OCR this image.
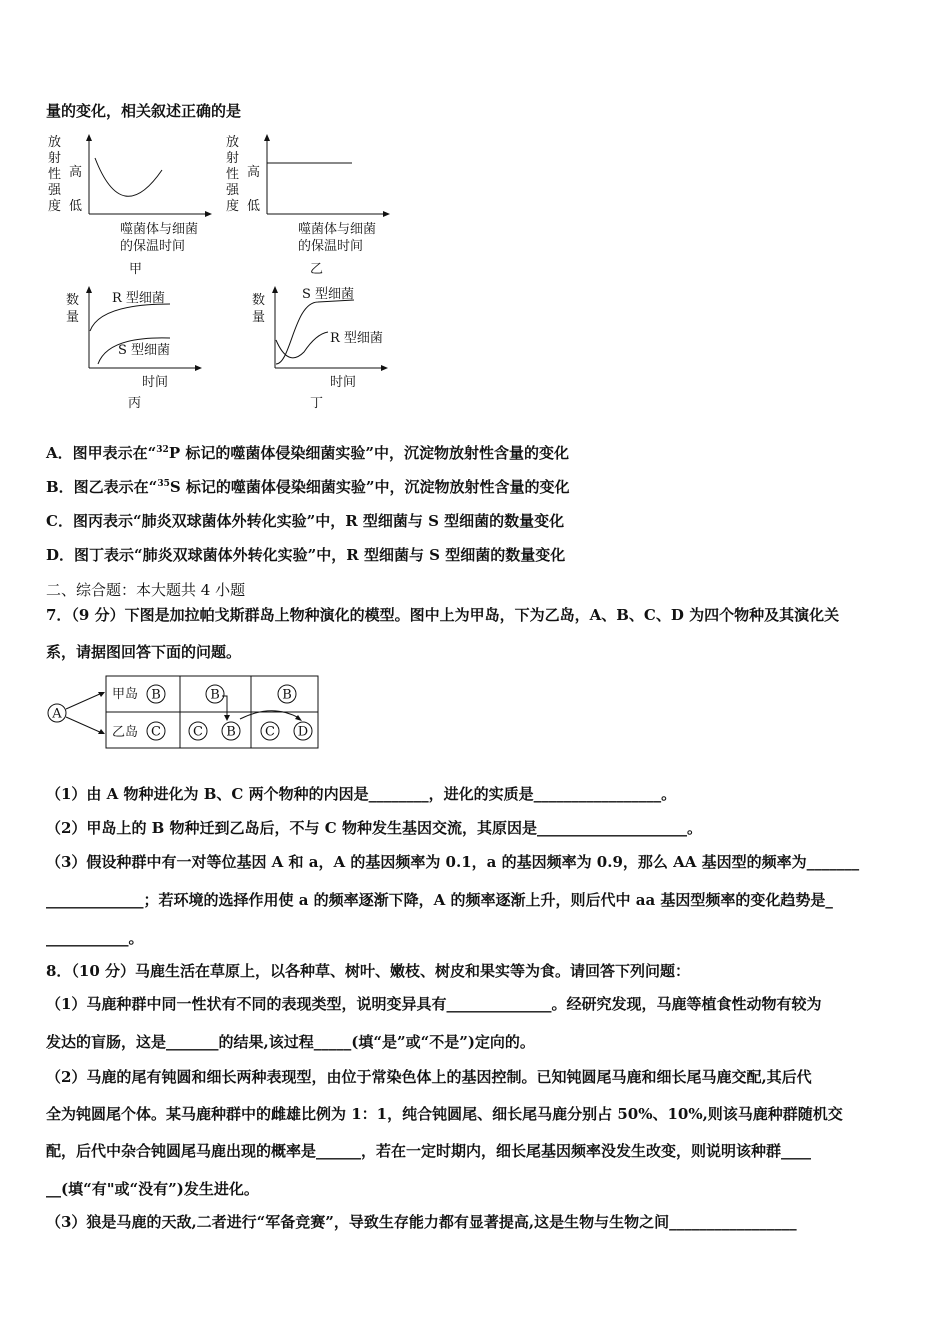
量的变化，相关叙述正确的是
放
射
性
强
度
高
低
噬菌体与细菌
的保温时间
甲
放
射
性
强
度
高
低
噬菌体与细菌
的保温时间
乙
数
量
R 型细菌
S 型细菌
时间
丙
数
量
S 型细菌
R 型细菌
时间
丁
A．图甲表示在“$^{32}$P 标记的噬菌体侵染细菌实验”中，沉淀物放射性含量的变化
B．图乙表示在“$^{35}$S 标记的噬菌体侵染细菌实验”中，沉淀物放射性含量的变化
C．图丙表示“肺炎双球菌体外转化实验”中，R 型细菌与 S 型细菌的数量变化
D．图丁表示“肺炎双球菌体外转化实验”中，R 型细菌与 S 型细菌的数量变化
二、综合题：本大题共 4 小题
7．（9 分）下图是加拉帕戈斯群岛上物种演化的模型。图中上为甲岛，下为乙岛，A、B、C、D 为四个物种及其演化关
系，请据图回答下面的问题。
A
甲岛 B	B	B
乙岛 C C B C D
（1）由 A 物种进化为 B、C 两个物种的内因是________，进化的实质是_________________。
（2）甲岛上的 B 物种迁到乙岛后，不与 C 物种发生基因交流，其原因是____________________。
（3）假设种群中有一对等位基因 A 和 a，A 的基因频率为 0.1，a 的基因频率为 0.9，那么 AA 基因型的频率为_______
_____________；若环境的选择作用使 a 的频率逐渐下降，A 的频率逐渐上升，则后代中 aa 基因型频率的变化趋势是_
___________。
8．（10 分）马鹿生活在草原上，以各种草、树叶、嫩枝、树皮和果实等为食。请回答下列问题：
（1）马鹿种群中同一性状有不同的表现类型，说明变异具有______________。经研究发现，马鹿等植食性动物有较为
发达的盲肠，这是_______的结果,该过程_____(填“是”或“不是”)定向的。
（2）马鹿的尾有钝圆和细长两种表现型，由位于常染色体上的基因控制。已知钝圆尾马鹿和细长尾马鹿交配,其后代
全为钝圆尾个体。某马鹿种群中的雌雄比例为 1：1，纯合钝圆尾、细长尾马鹿分别占 50%、10%,则该马鹿种群随机交
配，后代中杂合钝圆尾马鹿出现的概率是______，若在一定时期内，细长尾基因频率没发生改变，则说明该种群____
__(填“有"或“没有”)发生进化。
（3）狼是马鹿的天敌,二者进行“军备竞赛”，导致生存能力都有显著提高,这是生物与生物之间_________________
